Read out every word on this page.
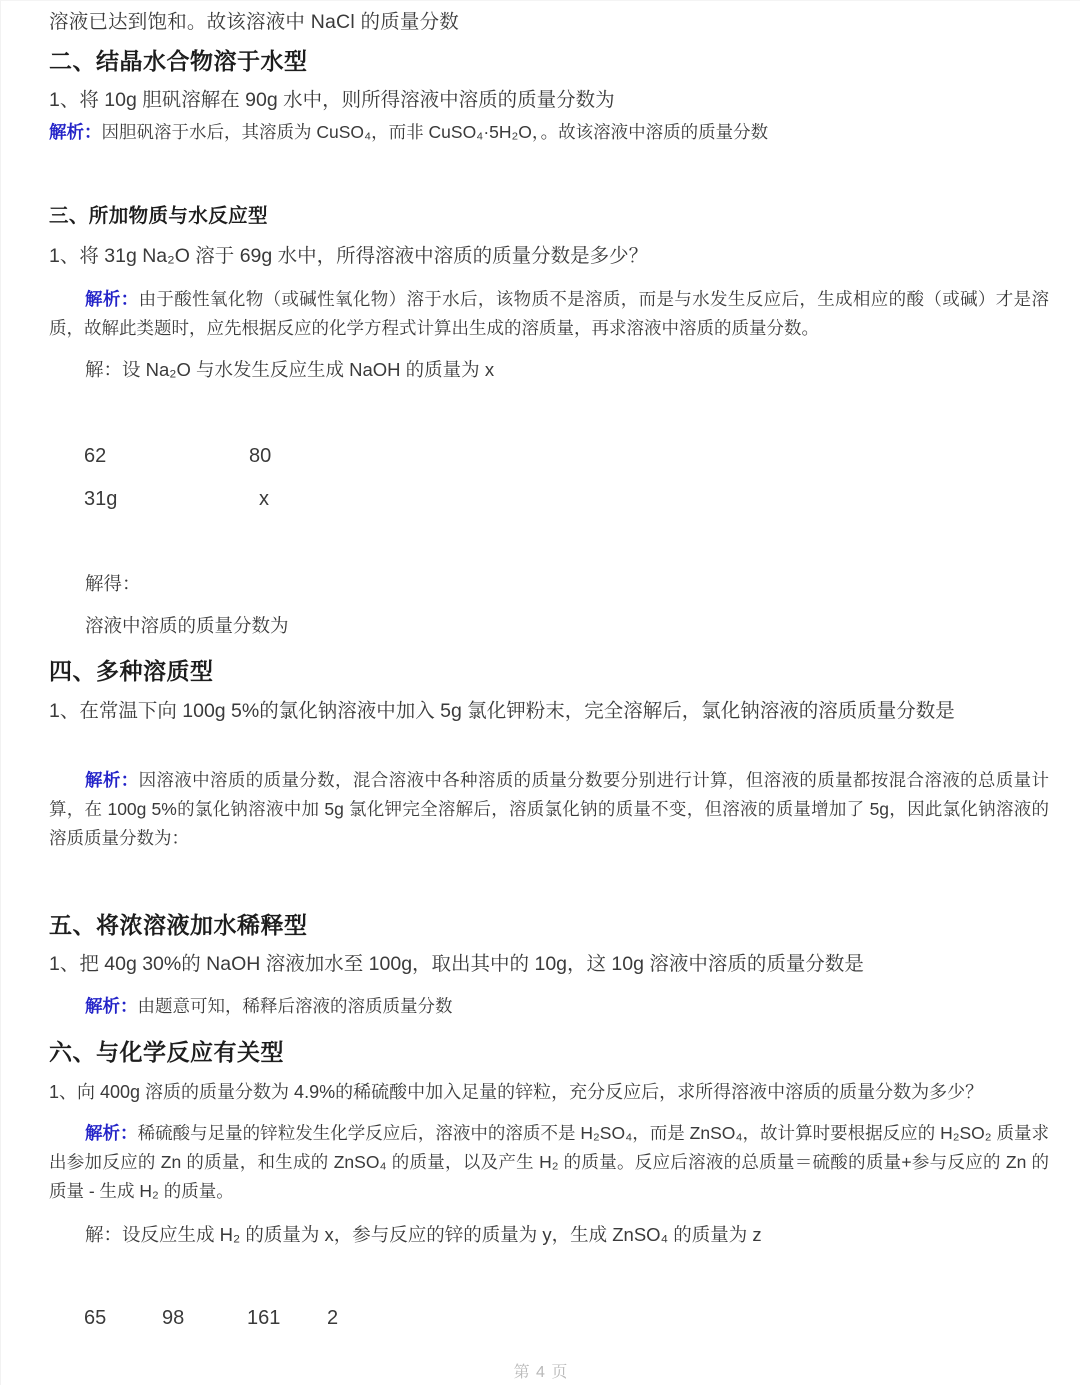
溶液已达到饱和。故该溶液中 NaCl 的质量分数
二、结晶水合物溶于水型
1、将 10g 胆矾溶解在 90g 水中，则所得溶液中溶质的质量分数为
解析：因胆矾溶于水后，其溶质为 CuSO₄，而非 CuSO₄·5H₂O，。故该溶液中溶质的质量分数
三、所加物质与水反应型
1、将 31g Na₂O 溶于 69g 水中，所得溶液中溶质的质量分数是多少？
解析：由于酸性氧化物（或碱性氧化物）溶于水后，该物质不是溶质，而是与水发生反应后，生成相应的酸（或碱）才是溶质，故解此类题时，应先根据反应的化学方程式计算出生成的溶质量，再求溶液中溶质的质量分数。
解：设 Na₂O 与水发生反应生成 NaOH 的质量为 x
62	80
31g	x
解得：
溶液中溶质的质量分数为
四、多种溶质型
1、在常温下向 100g 5%的氯化钠溶液中加入 5g 氯化钾粉末，完全溶解后，氯化钠溶液的溶质质量分数是
解析：因溶液中溶质的质量分数，混合溶液中各种溶质的质量分数要分别进行计算，但溶液的质量都按混合溶液的总质量计算，在 100g 5%的氯化钠溶液中加 5g 氯化钾完全溶解后，溶质氯化钠的质量不变，但溶液的质量增加了 5g，因此氯化钠溶液的溶质质量分数为：
五、将浓溶液加水稀释型
1、把 40g 30%的 NaOH 溶液加水至 100g，取出其中的 10g，这 10g 溶液中溶质的质量分数是
解析：由题意可知，稀释后溶液的溶质质量分数
六、与化学反应有关型
1、向 400g 溶质的质量分数为 4.9%的稀硫酸中加入足量的锌粒，充分反应后，求所得溶液中溶质的质量分数为多少？
解析：稀硫酸与足量的锌粒发生化学反应后，溶液中的溶质不是 H₂SO₄，而是 ZnSO₄，故计算时要根据反应的 H₂SO₂ 质量求出参加反应的 Zn 的质量，和生成的 ZnSO₄ 的质量，以及产生 H₂ 的质量。反应后溶液的总质量＝硫酸的质量+参与反应的 Zn 的质量 - 生成 H₂ 的质量。
解：设反应生成 H₂ 的质量为 x，参与反应的锌的质量为 y，生成 ZnSO₄ 的质量为 z
65	98	161 2
第 4 页
